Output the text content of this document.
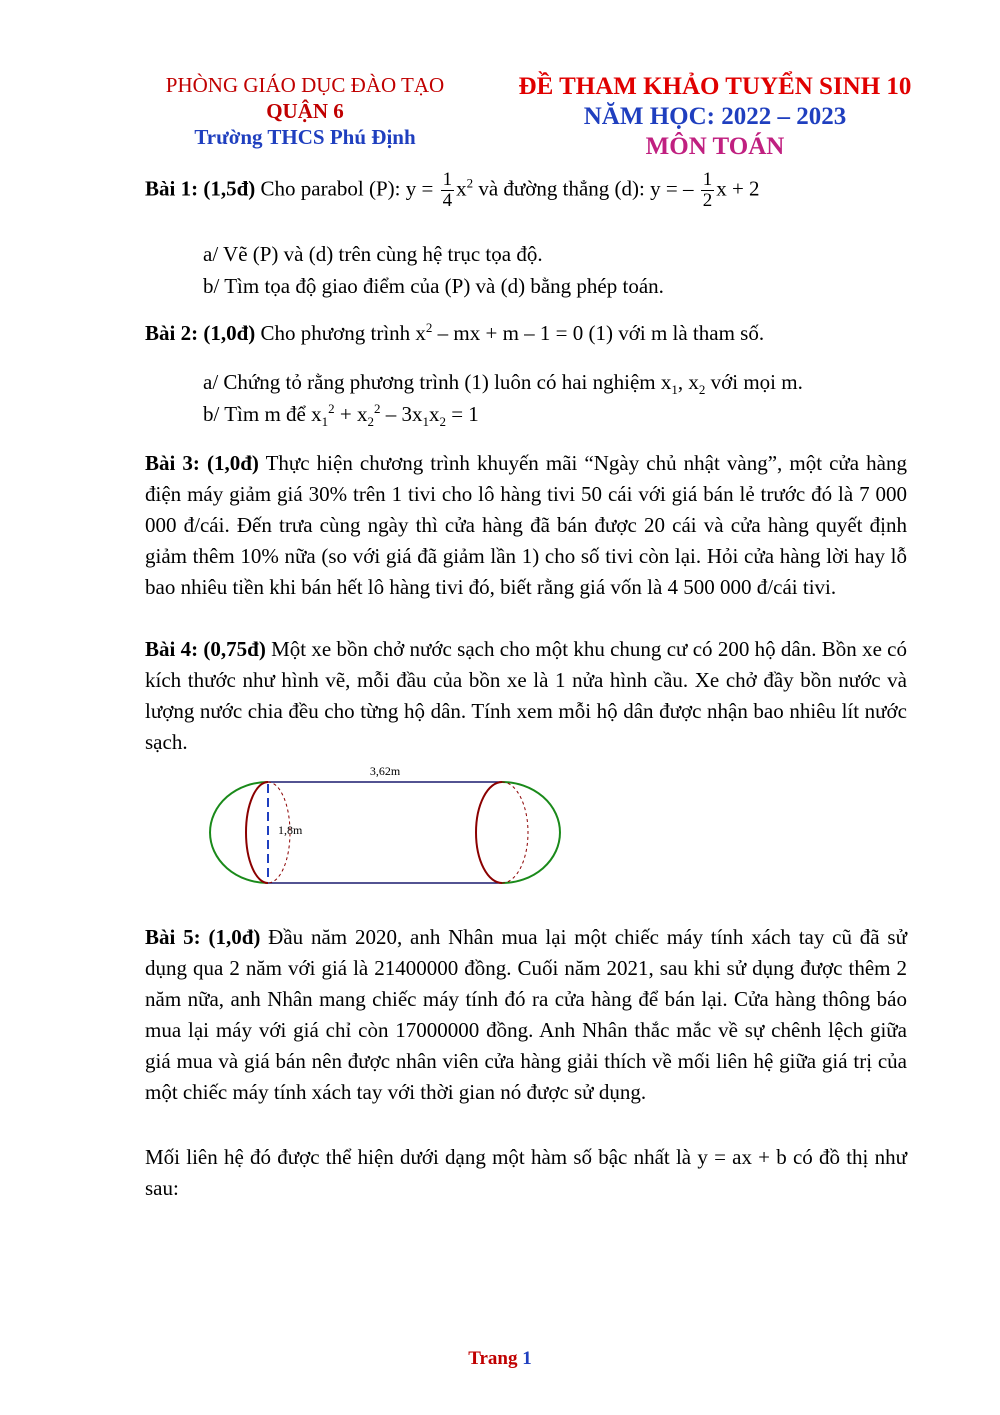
PHÒNG GIÁO DỤC ĐÀO TẠO
QUẬN 6
Trường THCS Phú Định
ĐỀ THAM KHẢO TUYỂN SINH 10
NĂM HỌC: 2022 – 2023
MÔN TOÁN
Bài 1: (1,5đ) Cho parabol (P): $y = \frac{1}{4} x^2$ và đường thẳng (d): y = – $\frac{1}{2}$ x + 2
a/ Vẽ (P) và (d) trên cùng hệ trục tọa độ.
b/ Tìm tọa độ giao điểm của (P) và (d) bằng phép toán.
Bài 2: (1,0đ) Cho phương trình $x^2$ – mx + m – 1 = 0 (1) với m là tham số.
a/ Chứng tỏ rằng phương trình (1) luôn có hai nghiệm $x_1$, $x_2$ với mọi m.
b/ Tìm m để $x_1^2 + x_2^2 - 3x_1x_2 = 1$
Bài 3: (1,0đ) Thực hiện chương trình khuyến mãi “Ngày chủ nhật vàng”, một cửa hàng điện máy giảm giá 30% trên 1 tivi cho lô hàng tivi 50 cái với giá bán lẻ trước đó là 7 000 000 đ/cái. Đến trưa cùng ngày thì cửa hàng đã bán được 20 cái và cửa hàng quyết định giảm thêm 10% nữa (so với giá đã giảm lần 1) cho số tivi còn lại. Hỏi cửa hàng lời hay lỗ bao nhiêu tiền khi bán hết lô hàng tivi đó, biết rằng giá vốn là 4 500 000 đ/cái tivi.
Bài 4: (0,75đ) Một xe bồn chở nước sạch cho một khu chung cư có 200 hộ dân. Bồn xe có kích thước như hình vẽ, mỗi đầu của bồn xe là 1 nửa hình cầu. Xe chở đầy bồn nước và lượng nước chia đều cho từng hộ dân. Tính xem mỗi hộ dân được nhận bao nhiêu lít nước sạch.
3,62m
1,8m
Bài 5: (1,0đ) Đầu năm 2020, anh Nhân mua lại một chiếc máy tính xách tay cũ đã sử dụng qua 2 năm với giá là 21400000 đồng. Cuối năm 2021, sau khi sử dụng được thêm 2 năm nữa, anh Nhân mang chiếc máy tính đó ra cửa hàng để bán lại. Cửa hàng thông báo mua lại máy với giá chỉ còn 17000000 đồng. Anh Nhân thắc mắc về sự chênh lệch giữa giá mua và giá bán nên được nhân viên cửa hàng giải thích về mối liên hệ giữa giá trị của một chiếc máy tính xách tay với thời gian nó được sử dụng.
Mối liên hệ đó được thể hiện dưới dạng một hàm số bậc nhất là y = ax + b có đồ thị như sau:
Trang 1
